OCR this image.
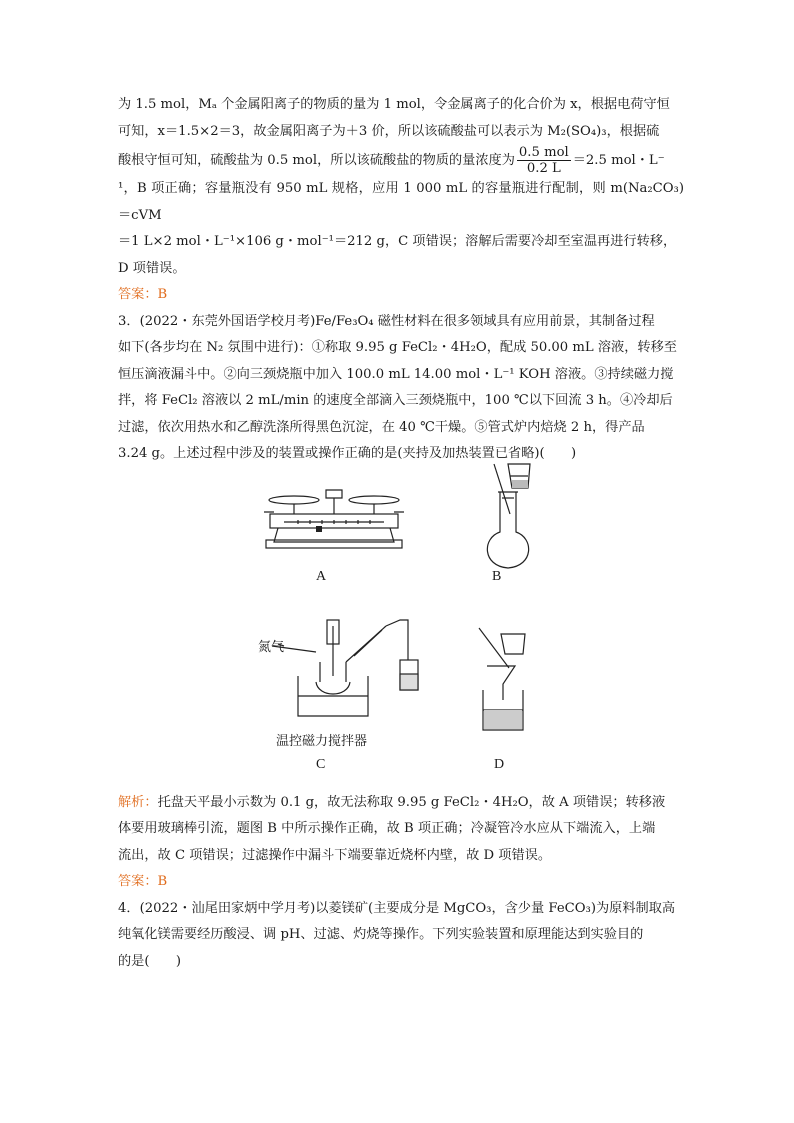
为 1.5 mol，Mₐ 个金属阳离子的物质的量为 1 mol，令金属离子的化合价为 x，根据电荷守恒

可知，x＝1.5×2＝3，故金属阳离子为＋3 价，所以该硫酸盐可以表示为 M₂(SO₄)₃，根据硫

酸根守恒可知，硫酸盐为 0.5 mol，所以该硫酸盐的物质的量浓度为 $\frac{\text{0.5 mol}}{0.2 L} =2.5$ mol・L⁻

¹，B 项正确；容量瓶没有 950 mL 规格，应用 1 000 mL 的容量瓶进行配制，则 m(Na₂CO₃)＝cVM

＝1 L×2 mol・L⁻¹×106 g・mol⁻¹＝212 g，C 项错误；溶解后需要冷却至室温再进行转移，

D 项错误。

答案：B

3．(2022・东莞外国语学校月考)Fe/Fe₃O₄ 磁性材料在很多领域具有应用前景，其制备过程

如下(各步均在 N₂ 氛围中进行)：①称取 9.95 g FeCl₂・4H₂O，配成 50.00 mL 溶液，转移至

恒压滴液漏斗中。②向三颈烧瓶中加入 100.0 mL 14.00 mol・L⁻¹ KOH 溶液。③持续磁力搅

拌，将 FeCl₂ 溶液以 2 mL/min 的速度全部滴入三颈烧瓶中，100 ℃以下回流 3 h。④冷却后

过滤，依次用热水和乙醇洗涤所得黑色沉淀，在 40 ℃干燥。⑤管式炉内焙烧 2 h，得产品

3.24 g。上述过程中涉及的装置或操作正确的是(夹持及加热装置已省略)(　　)

氮气
温控磁力搅拌器
A	B
C	D

解析：托盘天平最小示数为 0.1 g，故无法称取 9.95 g FeCl₂・4H₂O，故 A 项错误；转移液

体要用玻璃棒引流，题图 B 中所示操作正确，故 B 项正确；冷凝管冷水应从下端流入，上端

流出，故 C 项错误；过滤操作中漏斗下端要靠近烧杯内壁，故 D 项错误。

答案：B

4．(2022・汕尾田家炳中学月考)以菱镁矿(主要成分是 MgCO₃，含少量 FeCO₃)为原料制取高

纯氧化镁需要经历酸浸、调 pH、过滤、灼烧等操作。下列实验装置和原理能达到实验目的

的是(　　)
